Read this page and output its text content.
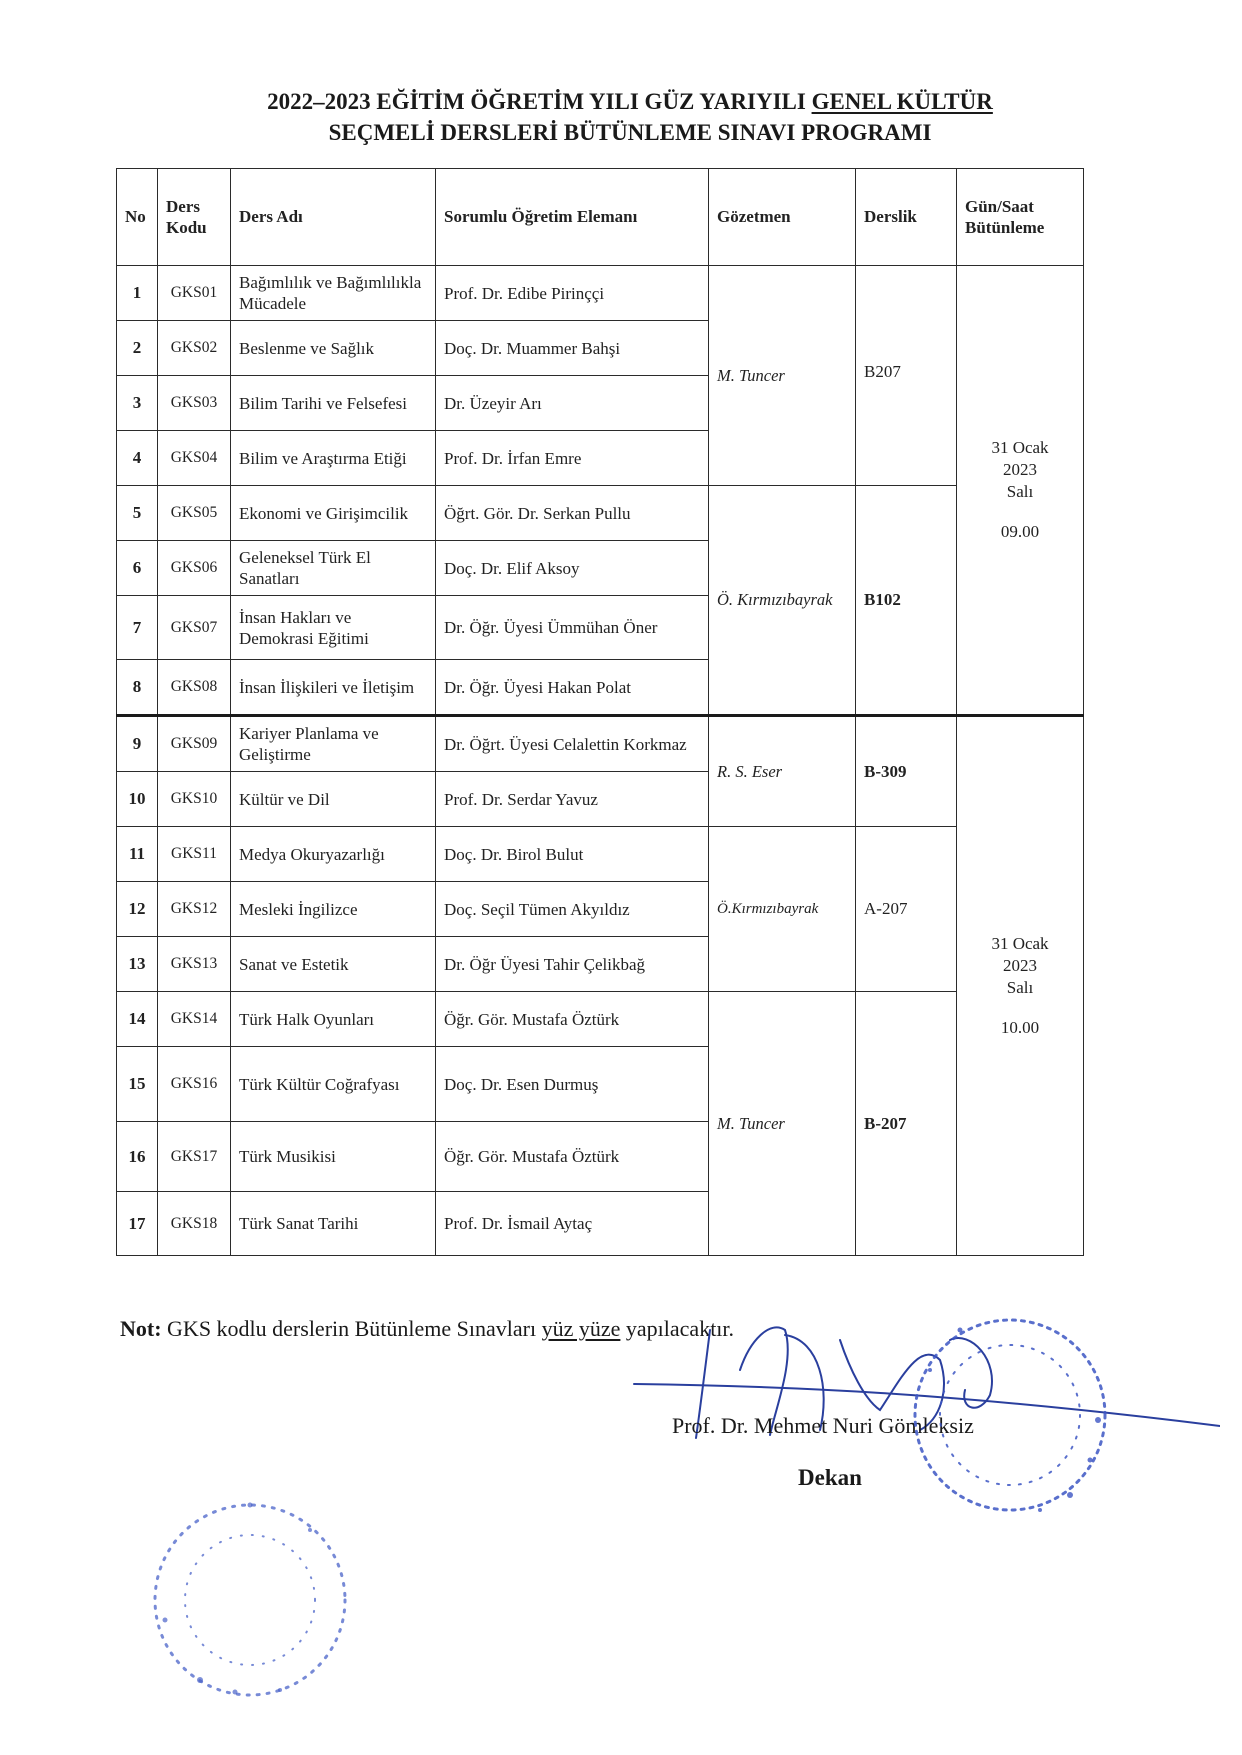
2022–2023 EĞİTİM ÖĞRETİM YILI GÜZ YARIYILI GENEL KÜLTÜR
SEÇMELİ DERSLERİ BÜTÜNLEME SINAVI PROGRAMI
No	Ders Kodu	Ders Adı	Sorumlu Öğretim Elemanı	Gözetmen	Derslik	Gün/Saat Bütünleme

1	GKS01	Bağımlılık ve Bağımlılıkla Mücadele	Prof. Dr. Edibe Pirinççi	M. Tuncer	B207	31 Ocak
2023
Salı
09.00

2	GKS02	Beslenme ve Sağlık	Doç. Dr. Muammer Bahşi			
3	GKS03	Bilim Tarihi ve Felsefesi	Dr. Üzeyir Arı			
4	GKS04	Bilim ve Araştırma Etiği	Prof. Dr. İrfan Emre			
5	GKS05	Ekonomi ve Girişimcilik	Öğrt. Gör. Dr. Serkan Pullu	Ö. Kırmızıbayrak	B102	
6	GKS06	Geleneksel Türk El Sanatları	Doç. Dr. Elif Aksoy			
7	GKS07	İnsan Hakları ve Demokrasi Eğitimi	Dr. Öğr. Üyesi Ümmühan Öner			
8	GKS08	İnsan İlişkileri ve İletişim	Dr. Öğr. Üyesi Hakan Polat			
9	GKS09	Kariyer Planlama ve Geliştirme	Dr. Öğrt. Üyesi Celalettin Korkmaz	R. S. Eser	B-309	31 Ocak
2023
Salı
10.00

10	GKS10	Kültür ve Dil	Prof. Dr. Serdar Yavuz			
11	GKS11	Medya Okuryazarlığı	Doç. Dr. Birol Bulut	Ö.Kırmızıbayrak	A-207	
12	GKS12	Mesleki İngilizce	Doç. Seçil Tümen Akyıldız			
13	GKS13	Sanat ve Estetik	Dr. Öğr Üyesi Tahir Çelikbağ			
14	GKS14	Türk Halk Oyunları	Öğr. Gör. Mustafa Öztürk	M. Tuncer	B-207	
15	GKS16	Türk Kültür Coğrafyası	Doç. Dr. Esen Durmuş			
16	GKS17	Türk Musikisi	Öğr. Gör. Mustafa Öztürk			
17	GKS18	Türk Sanat Tarihi	Prof. Dr. İsmail Aytaç			
Not: GKS kodlu derslerin Bütünleme Sınavları yüz yüze yapılacaktır.
Prof. Dr. Mehmet Nuri Gömleksiz
Dekan
